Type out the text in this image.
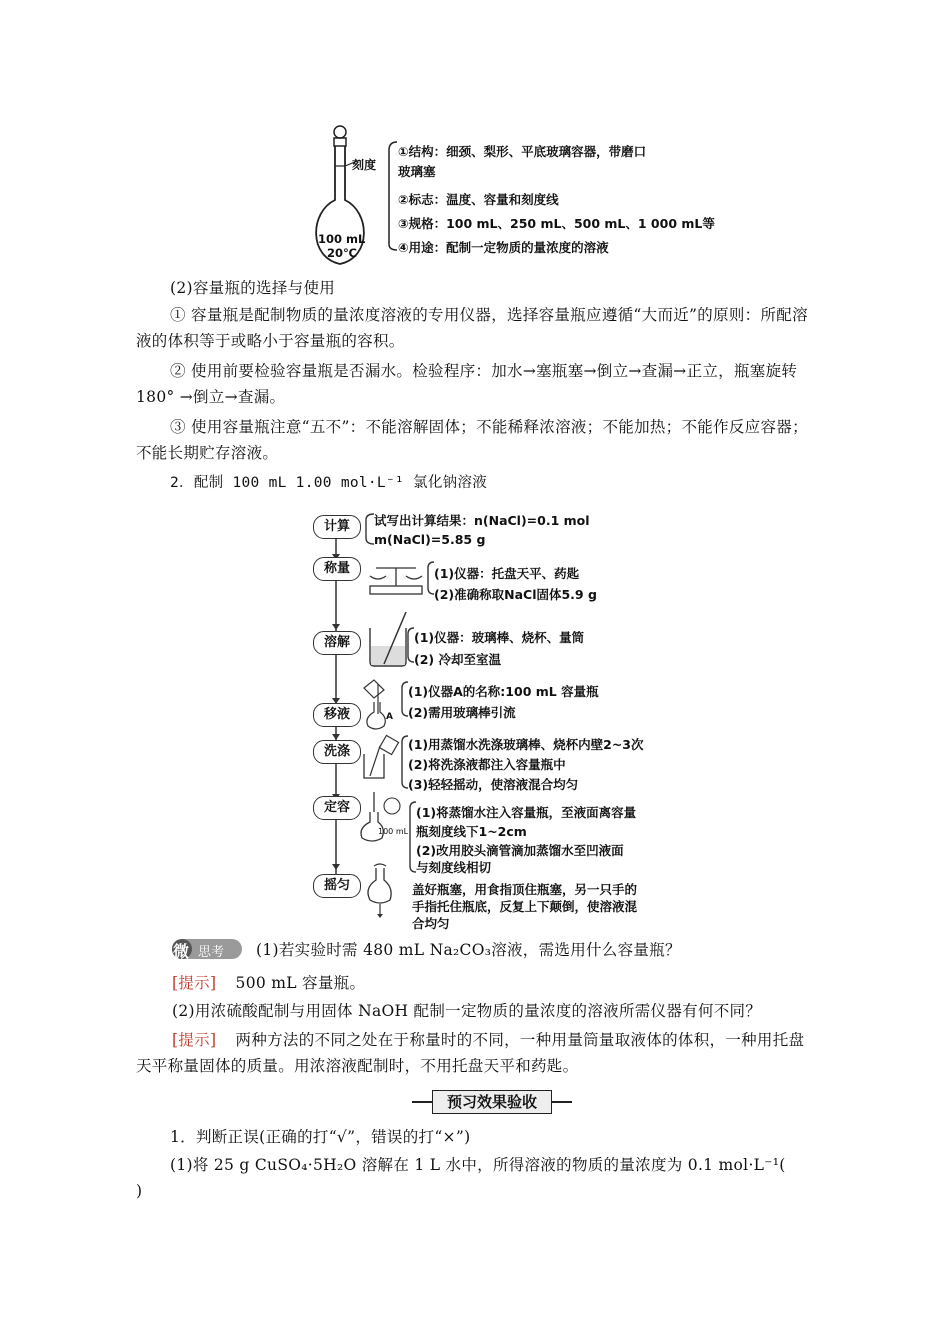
刻度
100 mL
20℃
①结构：细颈、梨形、平底玻璃容器，带磨口
玻璃塞
②标志：温度、容量和刻度线
③规格：100 mL、250 mL、500 mL、1 000 mL等
④用途：配制一定物质的量浓度的溶液
(2)容量瓶的选择与使用
① 容量瓶是配制物质的量浓度溶液的专用仪器，选择容量瓶应遵循“大而近”的原则：所配溶液的体积等于或略小于容量瓶的容积。
② 使用前要检验容量瓶是否漏水。检验程序：加水→塞瓶塞→倒立→查漏→正立，瓶塞旋转 180° →倒立→查漏。
③ 使用容量瓶注意“五不”：不能溶解固体；不能稀释浓溶液；不能加热；不能作反应容器；不能长期贮存溶液。
2．配制 100 mL 1.00 mol·L⁻¹ 氯化钠溶液
计算
称量
溶解
移液
洗涤
定容
摇匀
试写出计算结果：n(NaCl)=0.1 mol
m(NaCl)=5.85 g
(1)仪器：托盘天平、药匙
(2)准确称取NaCl固体5.9 g
(1)仪器：玻璃棒、烧杯、量筒
(2) 冷却至室温
A
(1)仪器A的名称:100 mL 容量瓶
(2)需用玻璃棒引流
(1)用蒸馏水洗涤玻璃棒、烧杯内壁2~3次
(2)将洗涤液都注入容量瓶中
(3)轻轻摇动，使溶液混合均匀
100 mL
(1)将蒸馏水注入容量瓶，至液面离容量
瓶刻度线下1~2cm
(2)改用胶头滴管滴加蒸馏水至凹液面
与刻度线相切
盖好瓶塞，用食指顶住瓶塞，另一只手的
手指托住瓶底，反复上下颠倒，使溶液混
合均匀
微 思考 (1)若实验时需 480 mL Na₂CO₃溶液，需选用什么容量瓶？
[提示] 500 mL 容量瓶。
(2)用浓硫酸配制与用固体 NaOH 配制一定物质的量浓度的溶液所需仪器有何不同？
[提示] 两种方法的不同之处在于称量时的不同，一种用量筒量取液体的体积，一种用托盘天平称量固体的质量。用浓溶液配制时，不用托盘天平和药匙。
预习效果验收
1．判断正误(正确的打“√”，错误的打“×”)
(1)将 25 g CuSO₄·5H₂O 溶解在 1 L 水中，所得溶液的物质的量浓度为 0.1 mol·L⁻¹(
)
